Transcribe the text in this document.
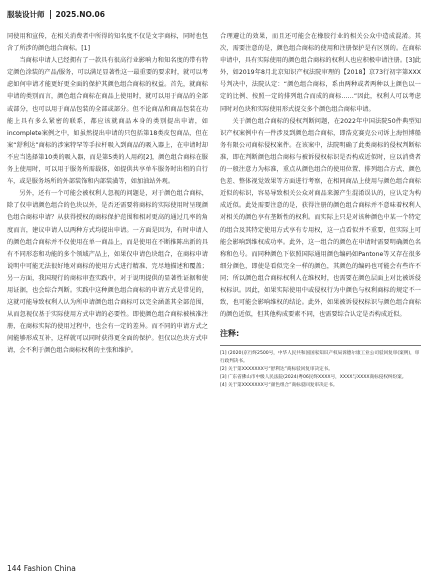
服装设计师 2025.NO.06

同使用和宣传，在相关消费者中所得的知名度不仅是文字商标，同时也包含了所涉的颜色组合商标。[1]

当商标申请人已经拥有了一款具有很高行业影响力和知名度的带有特定颜色涂装的产品/服务，可以满足显著性这一最重要的要求时，就可以考虑如何申请才能更好更全面的保护其颜色组合商标的权益。首先，就商标申请的类别而言，颜色组合商标在商品上使用时，就可以用于商品的全部或部分，也可以用于商品包装的全部或部分。但不论商品和商品包装在功能上具有多么紧密的联系，都应该就商品本身的类别提出申请，如incomplete案例之中，如虽然提出申请的只包括第18类皮包商品，但在案“舒利达”商标的涉案特罕等手拉杆吸入到商品的吸入器上，在申请时却不应当选择第10类的吸入器，而是第5类的人用药[2]，颜色组合商标在服务上使用时，可以用于服务所需载体，如提供共享单车服务时出租的自行车，或是服务场所的外部装饰和内部装潢等，如加油站外观。

另外，还有一个可能会被权利人忽视的问题是，对于颜色组合商标，除了仅申请颜色组合的色块以外，是否还需要将商标的实际使用时呈现颜色组合商标申请？从获得授权的商标保护范围和相对更高的通过几率的角度而言，建议申请人以两种方式均提出申请。一方面是因为，有时申请人的颜色组合商标并不仅使用在单一商品上，而是使用在不断推陈出新的具有不同形态和功能的多个领域产品上，如果仅申请色块组合，在商标申请说明中可能无法很好地对商标的使用方式进行精准、完尽地描述和覆盖；另一方面，我国现行的商标审查实践中，对于说明提供的显著性证据和使用证据，也会综合判断。实践中这种颜色组合商标的申请方式是常见的，这就可能导致权利人认为所申请颜色组合商标可以完全涵盖其全部范围，从而忽视仅基于实际使用方式申请的必要性。即使颜色组合商标被核准注册，在商标实际的使用过程中，也会有一定的差异。而不同的申请方式之间能够形成互补，这样就可以同时获得更全面的保护。但仅以色块方式申请，会不利于颜色组合商标权利的主张和维护。

合理避让的效果，而且还可能会在橡胶行业的相关公众中造成混淆。其次，需要注意的是，颜色组合商标的使用和注册保护是有区别的。在商标申请中，具有实际使用的颜色组合商标的权利人也应积极申请注册。[3]此外，如2019年8月北京知识产权法院审理的【2018】京73行初字第XXX号判决中，法院认定：“颜色组合商标，系由两种或者两种以上颜色以一定的比例、按照一定的排列组合而成的商标……”因此，权利人可以考虑同时对色块和实际使用形式提交多个颜色组合商标申请。

关于颜色组合商标的侵权判断问题，在2022年中国法院50件典型知识产权案例中有一件涉及到颜色组合商标，即浩克赛克公司诉上海恒博船务有限公司商标侵权案件。在该案中，法院明确了此类商标的侵权判断标准，即在判断颜色组合商标与被诉侵权标识是否构成近似时，应以消费者的一般注意力为标准，重点从颜色组合的使用位置、排列组合方式、颜色色差、整体视觉效果等方面进行考察，在相同商品上使用与颜色组合商标近似的标识，容易导致相关公众对商品来源产生混淆误认的，应认定为构成近似。此处需要注意的是，获得注册的颜色组合商标并不意味着权利人对相关的颜色享有垄断性的权利。而实际上只是对该种颜色中某一个特定的组合及其特定使用方式享有专用权，这一点看似并不重要，但实际上可能会影响到维权成功率。此外，这一组合的颜色在申请时需要明确颜色名称和色号。而同种颜色下依照国际通用颜色编码如Pantone等又存在很多细分颜色，即使是看似完全一样的颜色，其颜色的编码也可能会有些许不同；所以颜色组合商标权利人在维权时，也需要在颜色层面上对比被诉侵权标识。因此，如果实际使用中或侵权行为中颜色与权利商标的规定不一致，也可能会影响维权的结论。此外，如果被诉侵权标识与颜色组合商标的颜色近似，但其他构成要素不同，也需要综合认定是否构成近似。

注释:
[1] (2020)京行终2500号，中华人民共和国国家知识产权局诉德尔康工业公司驳回复审(案例)，审行政判决书。
[2] 关于第XXXXXXX号“舒利达”商标驳回复审决定书。
[3] 广东省佛山市中级人民法院(2024)粤06民终XXXX号，XXXX与XXXX商标侵权纠纷案。
[4] 关于第XXXXXXX号“颜色组合”商标驳回复审决定书。
144 Fashion China
